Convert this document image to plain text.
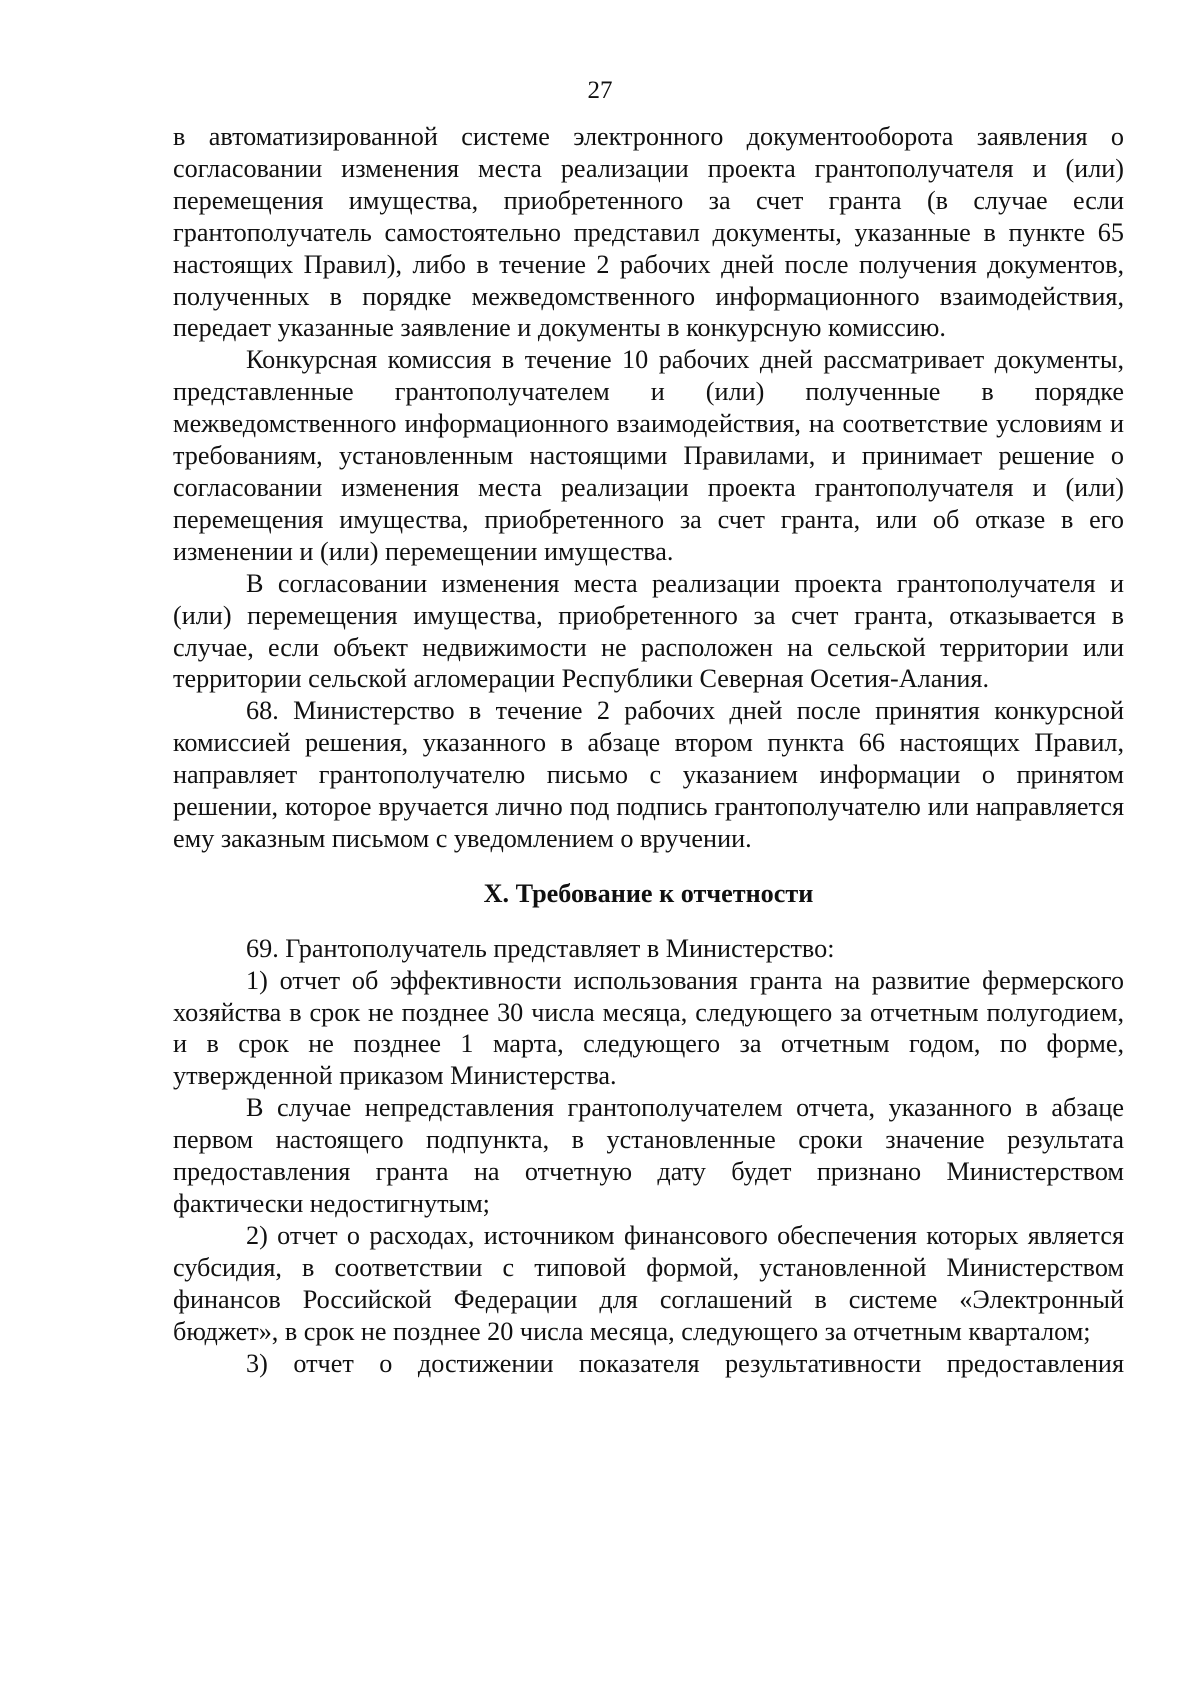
27

в автоматизированной системе электронного документооборота заявления о согласовании изменения места реализации проекта грантополучателя и (или) перемещения имущества, приобретенного за счет гранта (в случае если грантополучатель самостоятельно представил документы, указанные в пункте 65 настоящих Правил), либо в течение 2 рабочих дней после получения документов, полученных в порядке межведомственного информационного взаимодействия, передает указанные заявление и документы в конкурсную комиссию.

Конкурсная комиссия в течение 10 рабочих дней рассматривает документы, представленные грантополучателем и (или) полученные в порядке межведомственного информационного взаимодействия, на соответствие условиям и требованиям, установленным настоящими Правилами, и принимает решение о согласовании изменения места реализации проекта грантополучателя и (или) перемещения имущества, приобретенного за счет гранта, или об отказе в его изменении и (или) перемещении имущества.

В согласовании изменения места реализации проекта грантополучателя и (или) перемещения имущества, приобретенного за счет гранта, отказывается в случае, если объект недвижимости не расположен на сельской территории или территории сельской агломерации Республики Северная Осетия-Алания.

68. Министерство в течение 2 рабочих дней после принятия конкурсной комиссией решения, указанного в абзаце втором пункта 66 настоящих Правил, направляет грантополучателю письмо с указанием информации о принятом решении, которое вручается лично под подпись грантополучателю или направляется ему заказным письмом с уведомлением о вручении.

X. Требование к отчетности

69. Грантополучатель представляет в Министерство:

1) отчет об эффективности использования гранта на развитие фермерского хозяйства в срок не позднее 30 числа месяца, следующего за отчетным полугодием, и в срок не позднее 1 марта, следующего за отчетным годом, по форме, утвержденной приказом Министерства.

В случае непредставления грантополучателем отчета, указанного в абзаце первом настоящего подпункта, в установленные сроки значение результата предоставления гранта на отчетную дату будет признано Министерством фактически недостигнутым;

2) отчет о расходах, источником финансового обеспечения которых является субсидия, в соответствии с типовой формой, установленной Министерством финансов Российской Федерации для соглашений в системе «Электронный бюджет», в срок не позднее 20 числа месяца, следующего за отчетным кварталом;

3) отчет о достижении показателя результативности предоставления
